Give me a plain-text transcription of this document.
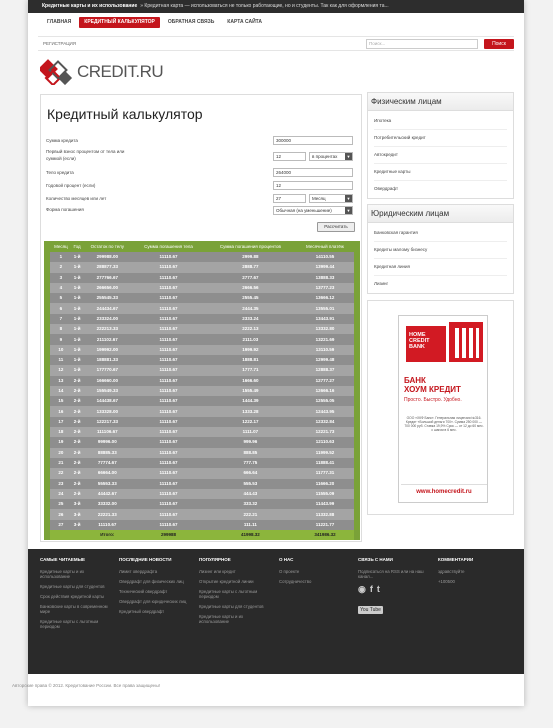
Кредитные карты и их использование » Кредитная карта — использоваться не только работающие, но и студенты. Так как для оформления та...
ГЛАВНАЯ	КРЕДИТНЫЙ КАЛЬКУЛЯТОР	ОБРАТНАЯ СВЯЗЬ	КАРТА САЙТА
РЕГИСТРАЦИЯ	Поиск...	Поиск
CREDIT.RU
Кредитный калькулятор
Сумма кредита	300000
Первый взнос процентом от тела или
суммой (если)	12	в процентах	▼
Тело кредита	264000
Годовой процент (если)	12
Количество месяцев или лет	27	Месяц	▼
Форма погашения	Обычная (на уменьшение)	▼
Рассчитать
Месяц	Год	Остаток по телу	Сумма погашения тела	Сумма погашения процентов	Месячный платёж
1	1-й	299988.00	11110.67	2999.88	14110.55
2	1-й	288877.33	11110.67	2888.77	13999.44
3	1-й	277766.67	11110.67	2777.67	13888.33
4	1-й	266656.00	11110.67	2666.56	13777.23
5	1-й	255545.33	11110.67	2555.45	13666.12
6	1-й	244434.67	11110.67	2444.35	13555.01
7	1-й	233324.00	11110.67	2333.24	13443.91
8	1-й	222213.33	11110.67	2222.13	13332.80
9	1-й	211102.67	11110.67	2111.03	13221.69
10	1-й	199992.00	11110.67	1999.92	13110.59
11	1-й	188881.33	11110.67	1888.81	12999.48
12	1-й	177770.67	11110.67	1777.71	12888.37
13	2-й	166660.00	11110.67	1666.60	12777.27
14	2-й	155549.33	11110.67	1555.49	12666.16
15	2-й	144438.67	11110.67	1444.39	12555.05
16	2-й	133328.00	11110.67	1333.28	12443.95
17	2-й	122217.33	11110.67	1222.17	12332.84
18	2-й	111106.67	11110.67	1111.07	12221.73
19	2-й	99996.00	11110.67	999.96	12110.63
20	2-й	88885.33	11110.67	888.85	11999.52
21	2-й	77774.67	11110.67	777.75	11888.41
22	2-й	66664.00	11110.67	666.64	11777.31
23	2-й	55553.33	11110.67	555.53	11666.20
24	2-й	44442.67	11110.67	444.43	11555.09
25	3-й	33332.00	11110.67	333.32	11443.99
26	3-й	22221.33	11110.67	222.21	11332.88
27	3-й	11110.67	11110.67	111.11	11221.77
		Итого:	299988	41998.32	341986.32
Физическим лицам
Ипотека
Потребительский кредит
Автокредит
Кредитные карты
Овердрафт
Юридическим лицам
Банковская гарантия
Кредиты малому бизнесу
Кредитная линия
Лизинг
HOME CREDIT BANK
БАНК
ХОУМ КРЕДИТ
Просто. Быстро. Удобно.
ООО «ХКФ Банк». Генеральная лицензия №316. Кредит «Большой деньги 700». Сумма 250 000 — 700 000 руб. Ставка 19,9% Срок — от 12 до 60 мес. с шагом в 6 мес.
www.homecredit.ru
САМЫЕ ЧИТАЕМЫЕ

Кредитные карты и их использование

Кредитные карты для студентов

Срок действия кредитной карты

Банковские карты в современном мире

Кредитные карты с льготным периодом

ПОСЛЕДНИЕ НОВОСТИ

Лимит овердрафта

Овердрафт для физических лиц

Технический овердрафт

Овердрафт для юридических лиц

Кредитный овердрафт

ПОПУЛЯРНОЕ

Лизинг или кредит

Открытие кредитной линии

Кредитные карты с льготным периодом

Кредитные карты для студентов

Кредитные карты и их использование

О НАС

О проекте

Сотрудничество

СВЯЗЬ С НАМИ

Подписаться на RSS или на наш канал...

◉ f t
You Tube
КОММЕНТАРИИ

здравствуйте

+100500

Авторские права © 2012. Кредитование России. Все права защищены!
